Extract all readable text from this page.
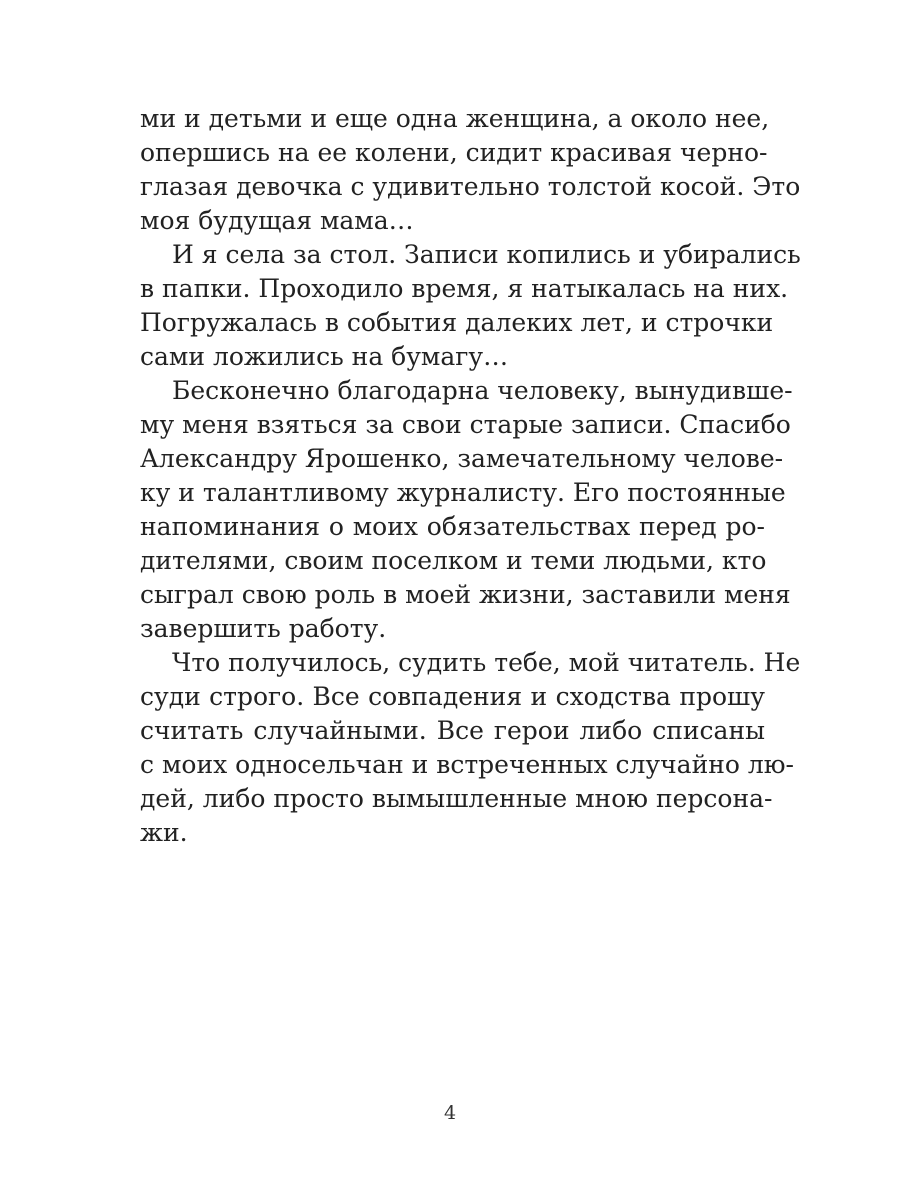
ми и детьми и еще одна женщина, а около нее,
опершись на ее колени, сидит красивая черно-
глазая девочка с удивительно толстой косой. Это
моя будущая мама…
И я села за стол. Записи копились и убирались
в папки. Проходило время, я натыкалась на них.
Погружалась в события далеких лет, и строчки
сами ложились на бумагу…
Бесконечно благодарна человеку, вынудивше-
му меня взяться за свои старые записи. Спасибо
Александру Ярошенко, замечательному челове-
ку и талантливому журналисту. Его постоянные
напоминания о моих обязательствах перед ро-
дителями, своим поселком и теми людьми, кто
сыграл свою роль в моей жизни, заставили меня
завершить работу.
Что получилось, судить тебе, мой читатель. Не
суди строго. Все совпадения и сходства прошу
считать случайными. Все герои либо списаны
с моих односельчан и встреченных случайно лю-
дей, либо просто вымышленные мною персона-
жи.
4
